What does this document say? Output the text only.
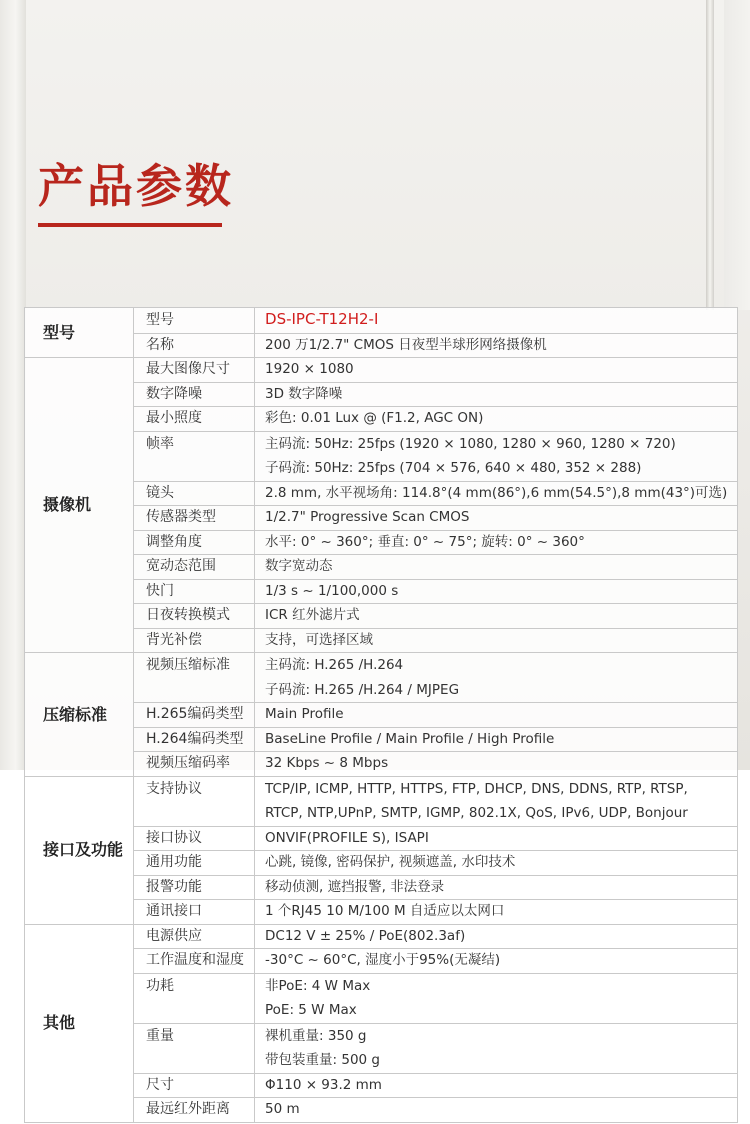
产品参数
型号	型号	DS-IPC-T12H2-I
	名称	200 万1/2.7" CMOS 日夜型半球形网络摄像机
摄像机	最大图像尺寸	1920 × 1080
	数字降噪	3D 数字降噪
	最小照度	彩色: 0.01 Lux @ (F1.2, AGC ON)

	帧率	主码流: 50Hz: 25fps (1920 × 1080, 1280 × 960, 1280 × 720)
子码流: 50Hz: 25fps (704 × 576, 640 × 480, 352 × 288)

	镜头	2.8 mm, 水平视场角: 114.8°(4 mm(86°),6 mm(54.5°),8 mm(43°)可选)
	传感器类型	1/2.7" Progressive Scan CMOS
	调整角度	水平: 0° ~ 360°; 垂直: 0° ~ 75°; 旋转: 0° ~ 360°
	宽动态范围	数字宽动态
	快门	1/3 s ~ 1/100,000 s
	日夜转换模式	ICR 红外滤片式
	背光补偿	支持，可选择区域
压缩标准	视频压缩标准	主码流: H.265 /H.264
子码流: H.265 /H.264 / MJPEG

	H.265编码类型	Main Profile
	H.264编码类型	BaseLine Profile / Main Profile / High Profile
	视频压缩码率	32 Kbps ~ 8 Mbps
接口及功能	支持协议	TCP/IP, ICMP, HTTP, HTTPS, FTP, DHCP, DNS, DDNS, RTP, RTSP,
RTCP, NTP,UPnP, SMTP, IGMP, 802.1X, QoS, IPv6, UDP, Bonjour

	接口协议	ONVIF(PROFILE S), ISAPI
	通用功能	心跳, 镜像, 密码保护, 视频遮盖, 水印技术
	报警功能	移动侦测, 遮挡报警, 非法登录
	通讯接口	1 个RJ45 10 M/100 M 自适应以太网口
其他	电源供应	DC12 V ± 25% / PoE(802.3af)
	工作温度和湿度	-30°C ~ 60°C, 湿度小于95%(无凝结)

	功耗	非PoE: 4 W Max
PoE: 5 W Max

	重量	裸机重量: 350 g
带包装重量: 500 g

	尺寸	Φ110 × 93.2 mm
	最远红外距离	50 m
